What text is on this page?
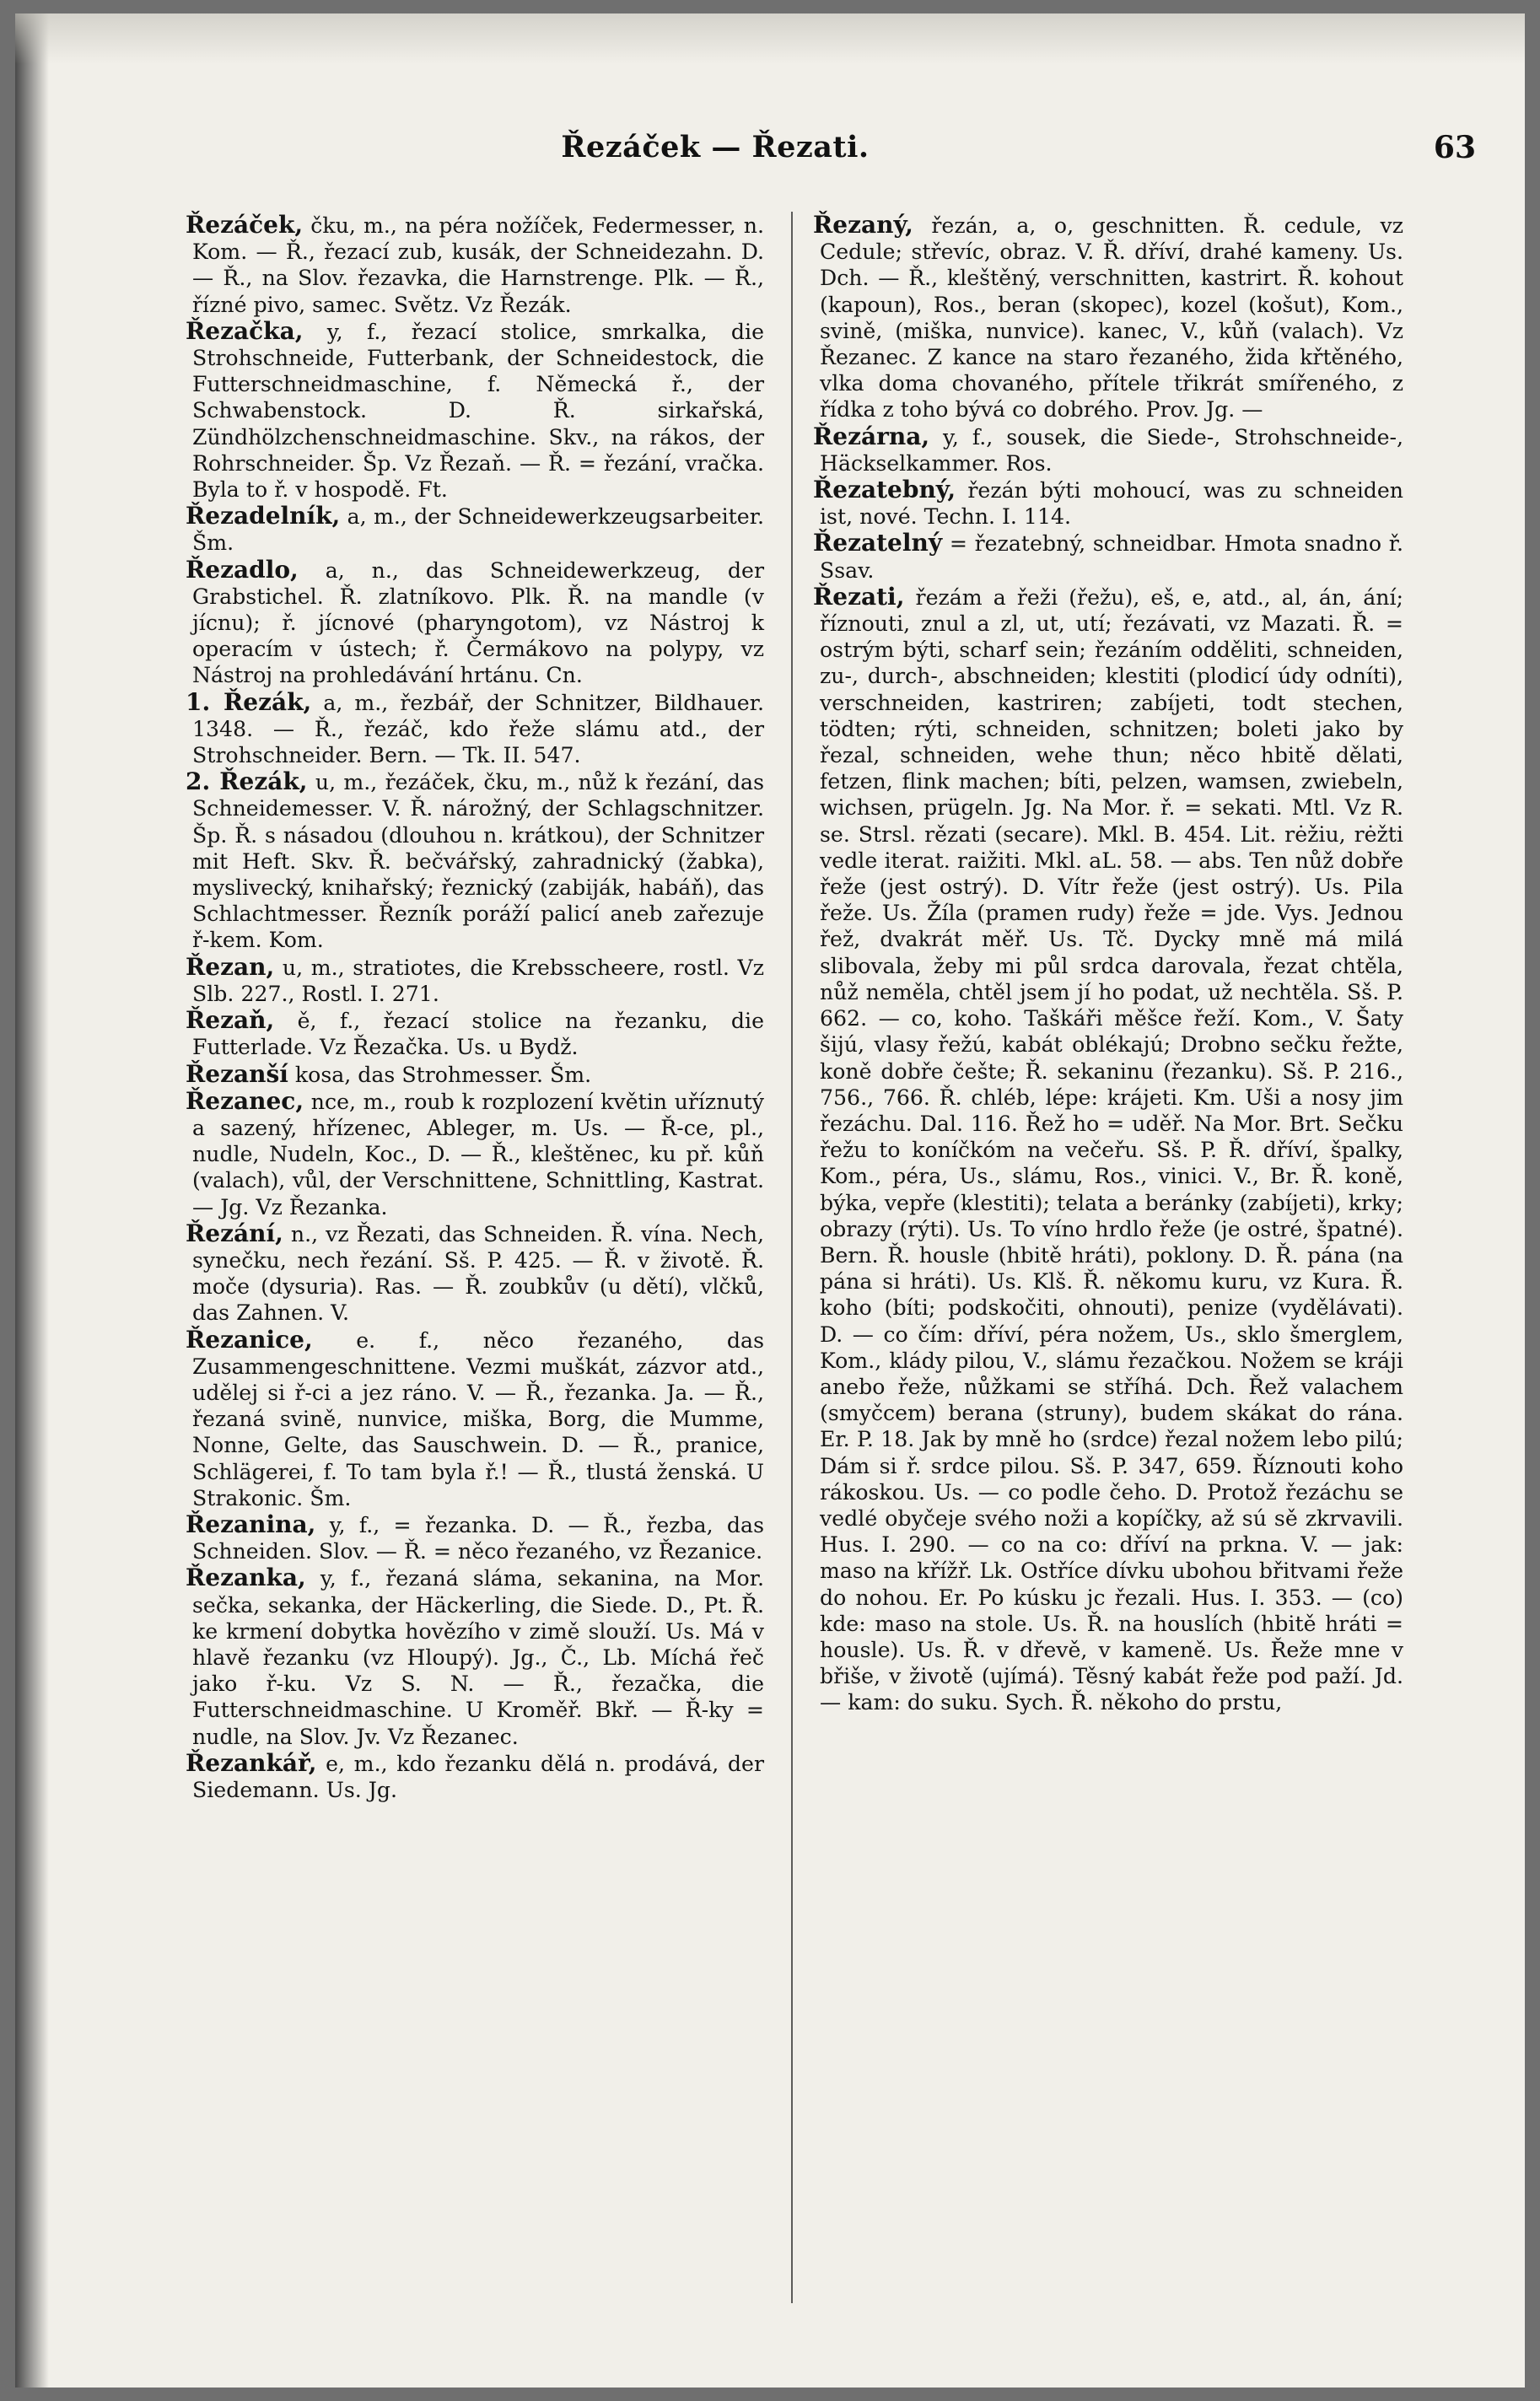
Řezáček — Řezati.	63

Řezáček, čku, m., na péra nožíček, Federmesser, n. Kom. — Ř., řezací zub, kusák, der Schneidezahn. D. — Ř., na Slov. řezavka, die Harnstrenge. Plk. — Ř., řízné pivo, samec. Světz. Vz Řezák.

Řezačka, y, f., řezací stolice, smrkalka, die Strohschneide, Futterbank, der Schneidestock, die Futterschneidmaschine, f. Německá ř., der Schwabenstock. D. Ř. sirkařská, Zündhölzchenschneidmaschine. Skv., na rákos, der Rohrschneider. Šp. Vz Řezaň. — Ř. = řezání, vračka. Byla to ř. v hospodě. Ft.

Řezadelník, a, m., der Schneidewerkzeugsarbeiter. Šm.

Řezadlo, a, n., das Schneidewerkzeug, der Grabstichel. Ř. zlatníkovo. Plk. Ř. na mandle (v jícnu); ř. jícnové (pharyngotom), vz Nástroj k operacím v ústech; ř. Čermákovo na polypy, vz Nástroj na prohledávání hrtánu. Cn.

1. Řezák, a, m., řezbář, der Schnitzer, Bildhauer. 1348. — Ř., řezáč, kdo řeže slámu atd., der Strohschneider. Bern. — Tk. II. 547.

2. Řezák, u, m., řezáček, čku, m., nůž k řezání, das Schneidemesser. V. Ř. nárožný, der Schlagschnitzer. Šp. Ř. s násadou (dlouhou n. krátkou), der Schnitzer mit Heft. Skv. Ř. bečvářský, zahradnický (žabka), myslivecký, knihařský; řeznický (zabiják, habáň), das Schlachtmesser. Řezník poráží palicí aneb zařezuje ř-kem. Kom.

Řezan, u, m., stratiotes, die Krebsscheere, rostl. Vz Slb. 227., Rostl. I. 271.

Řezaň, ě, f., řezací stolice na řezanku, die Futterlade. Vz Řezačka. Us. u Bydž.

Řezanší kosa, das Strohmesser. Šm.

Řezanec, nce, m., roub k rozplození květin uříznutý a sazený, hřízenec, Ableger, m. Us. — Ř-ce, pl., nudle, Nudeln, Koc., D. — Ř., kleštěnec, ku př. kůň (valach), vůl, der Verschnittene, Schnittling, Kastrat. — Jg. Vz Řezanka.

Řezání, n., vz Řezati, das Schneiden. Ř. vína. Nech, synečku, nech řezání. Sš. P. 425. — Ř. v životě. Ř. moče (dysuria). Ras. — Ř. zoubkův (u dětí), vlčků, das Zahnen. V.

Řezanice, e. f., něco řezaného, das Zusammengeschnittene. Vezmi muškát, zázvor atd., udělej si ř-ci a jez ráno. V. — Ř., řezanka. Ja. — Ř., řezaná svině, nunvice, miška, Borg, die Mumme, Nonne, Gelte, das Sauschwein. D. — Ř., pranice, Schlägerei, f. To tam byla ř.! — Ř., tlustá ženská. U Strakonic. Šm.

Řezanina, y, f., = řezanka. D. — Ř., řezba, das Schneiden. Slov. — Ř. = něco řezaného, vz Řezanice.

Řezanka, y, f., řezaná sláma, sekanina, na Mor. sečka, sekanka, der Häckerling, die Siede. D., Pt. Ř. ke krmení dobytka hovězího v zimě slouží. Us. Má v hlavě řezanku (vz Hloupý). Jg., Č., Lb. Míchá řeč jako ř-ku. Vz S. N. — Ř., řezačka, die Futterschneidmaschine. U Kroměř. Bkř. — Ř-ky = nudle, na Slov. Jv. Vz Řezanec.

Řezankář, e, m., kdo řezanku dělá n. prodává, der Siedemann. Us. Jg.

Řezaný, řezán, a, o, geschnitten. Ř. cedule, vz Cedule; střevíc, obraz. V. Ř. dříví, drahé kameny. Us. Dch. — Ř., kleštěný, verschnitten, kastrirt. Ř. kohout (kapoun), Ros., beran (skopec), kozel (košut), Kom., svině, (miška, nunvice). kanec, V., kůň (valach). Vz Řezanec. Z kance na staro řezaného, žida křtěného, vlka doma chovaného, přítele třikrát smířeného, z řídka z toho bývá co dobrého. Prov. Jg. —

Řezárna, y, f., sousek, die Siede-, Strohschneide-, Häckselkammer. Ros.

Řezatebný, řezán býti mohoucí, was zu schneiden ist, nové. Techn. I. 114.

Řezatelný = řezatebný, schneidbar. Hmota snadno ř. Ssav.

Řezati, řezám a řeži (řežu), eš, e, atd., al, án, ání; říznouti, znul a zl, ut, utí; řezávati, vz Mazati. Ř. = ostrým býti, scharf sein; řezáním odděliti, schneiden, zu-, durch-, abschneiden; klestiti (plodicí údy odníti), verschneiden, kastriren; zabíjeti, todt stechen, tödten; rýti, schneiden, schnitzen; boleti jako by řezal, schneiden, wehe thun; něco hbitě dělati, fetzen, flink machen; bíti, pelzen, wamsen, zwiebeln, wichsen, prügeln. Jg. Na Mor. ř. = sekati. Mtl. Vz R. se. Strsl. rězati (secare). Mkl. B. 454. Lit. rėžiu, rėžti vedle iterat. raižiti. Mkl. aL. 58. — abs. Ten nůž dobře řeže (jest ostrý). D. Vítr řeže (jest ostrý). Us. Pila řeže. Us. Žíla (pramen rudy) řeže = jde. Vys. Jednou řež, dvakrát měř. Us. Tč. Dycky mně má milá slibovala, žeby mi půl srdca darovala, řezat chtěla, nůž neměla, chtěl jsem jí ho podat, už nechtěla. Sš. P. 662. — co, koho. Taškáři měšce řeží. Kom., V. Šaty šijú, vlasy řežú, kabát oblékajú; Drobno sečku řežte, koně dobře češte; Ř. sekaninu (řezanku). Sš. P. 216., 756., 766. Ř. chléb, lépe: krájeti. Km. Uši a nosy jim řezáchu. Dal. 116. Řež ho = uděř. Na Mor. Brt. Sečku řežu to koníčkóm na večeřu. Sš. P. Ř. dříví, špalky, Kom., péra, Us., slámu, Ros., vinici. V., Br. Ř. koně, býka, vepře (klestiti); telata a beránky (zabíjeti), krky; obrazy (rýti). Us. To víno hrdlo řeže (je ostré, špatné). Bern. Ř. housle (hbitě hráti), poklony. D. Ř. pána (na pána si hráti). Us. Klš. Ř. někomu kuru, vz Kura. Ř. koho (bíti; podskočiti, ohnouti), penize (vydělávati). D. — co čím: dříví, péra nožem, Us., sklo šmerglem, Kom., klády pilou, V., slámu řezačkou. Nožem se kráji anebo řeže, nůžkami se stříhá. Dch. Řež valachem (smyčcem) berana (struny), budem skákat do rána. Er. P. 18. Jak by mně ho (srdce) řezal nožem lebo pilú; Dám si ř. srdce pilou. Sš. P. 347, 659. Říznouti koho rákoskou. Us. — co podle čeho. D. Protož řezáchu se vedlé obyčeje svého noži a kopíčky, až sú sě zkrvavili. Hus. I. 290. — co na co: dříví na prkna. V. — jak: maso na křížř. Lk. Ostříce dívku ubohou břitvami řeže do nohou. Er. Po kúsku jc řezali. Hus. I. 353. — (co) kde: maso na stole. Us. Ř. na houslích (hbitě hráti = housle). Us. Ř. v dřevě, v kameně. Us. Řeže mne v břiše, v životě (ujímá). Těsný kabát řeže pod paží. Jd. — kam: do suku. Sych. Ř. někoho do prstu,
